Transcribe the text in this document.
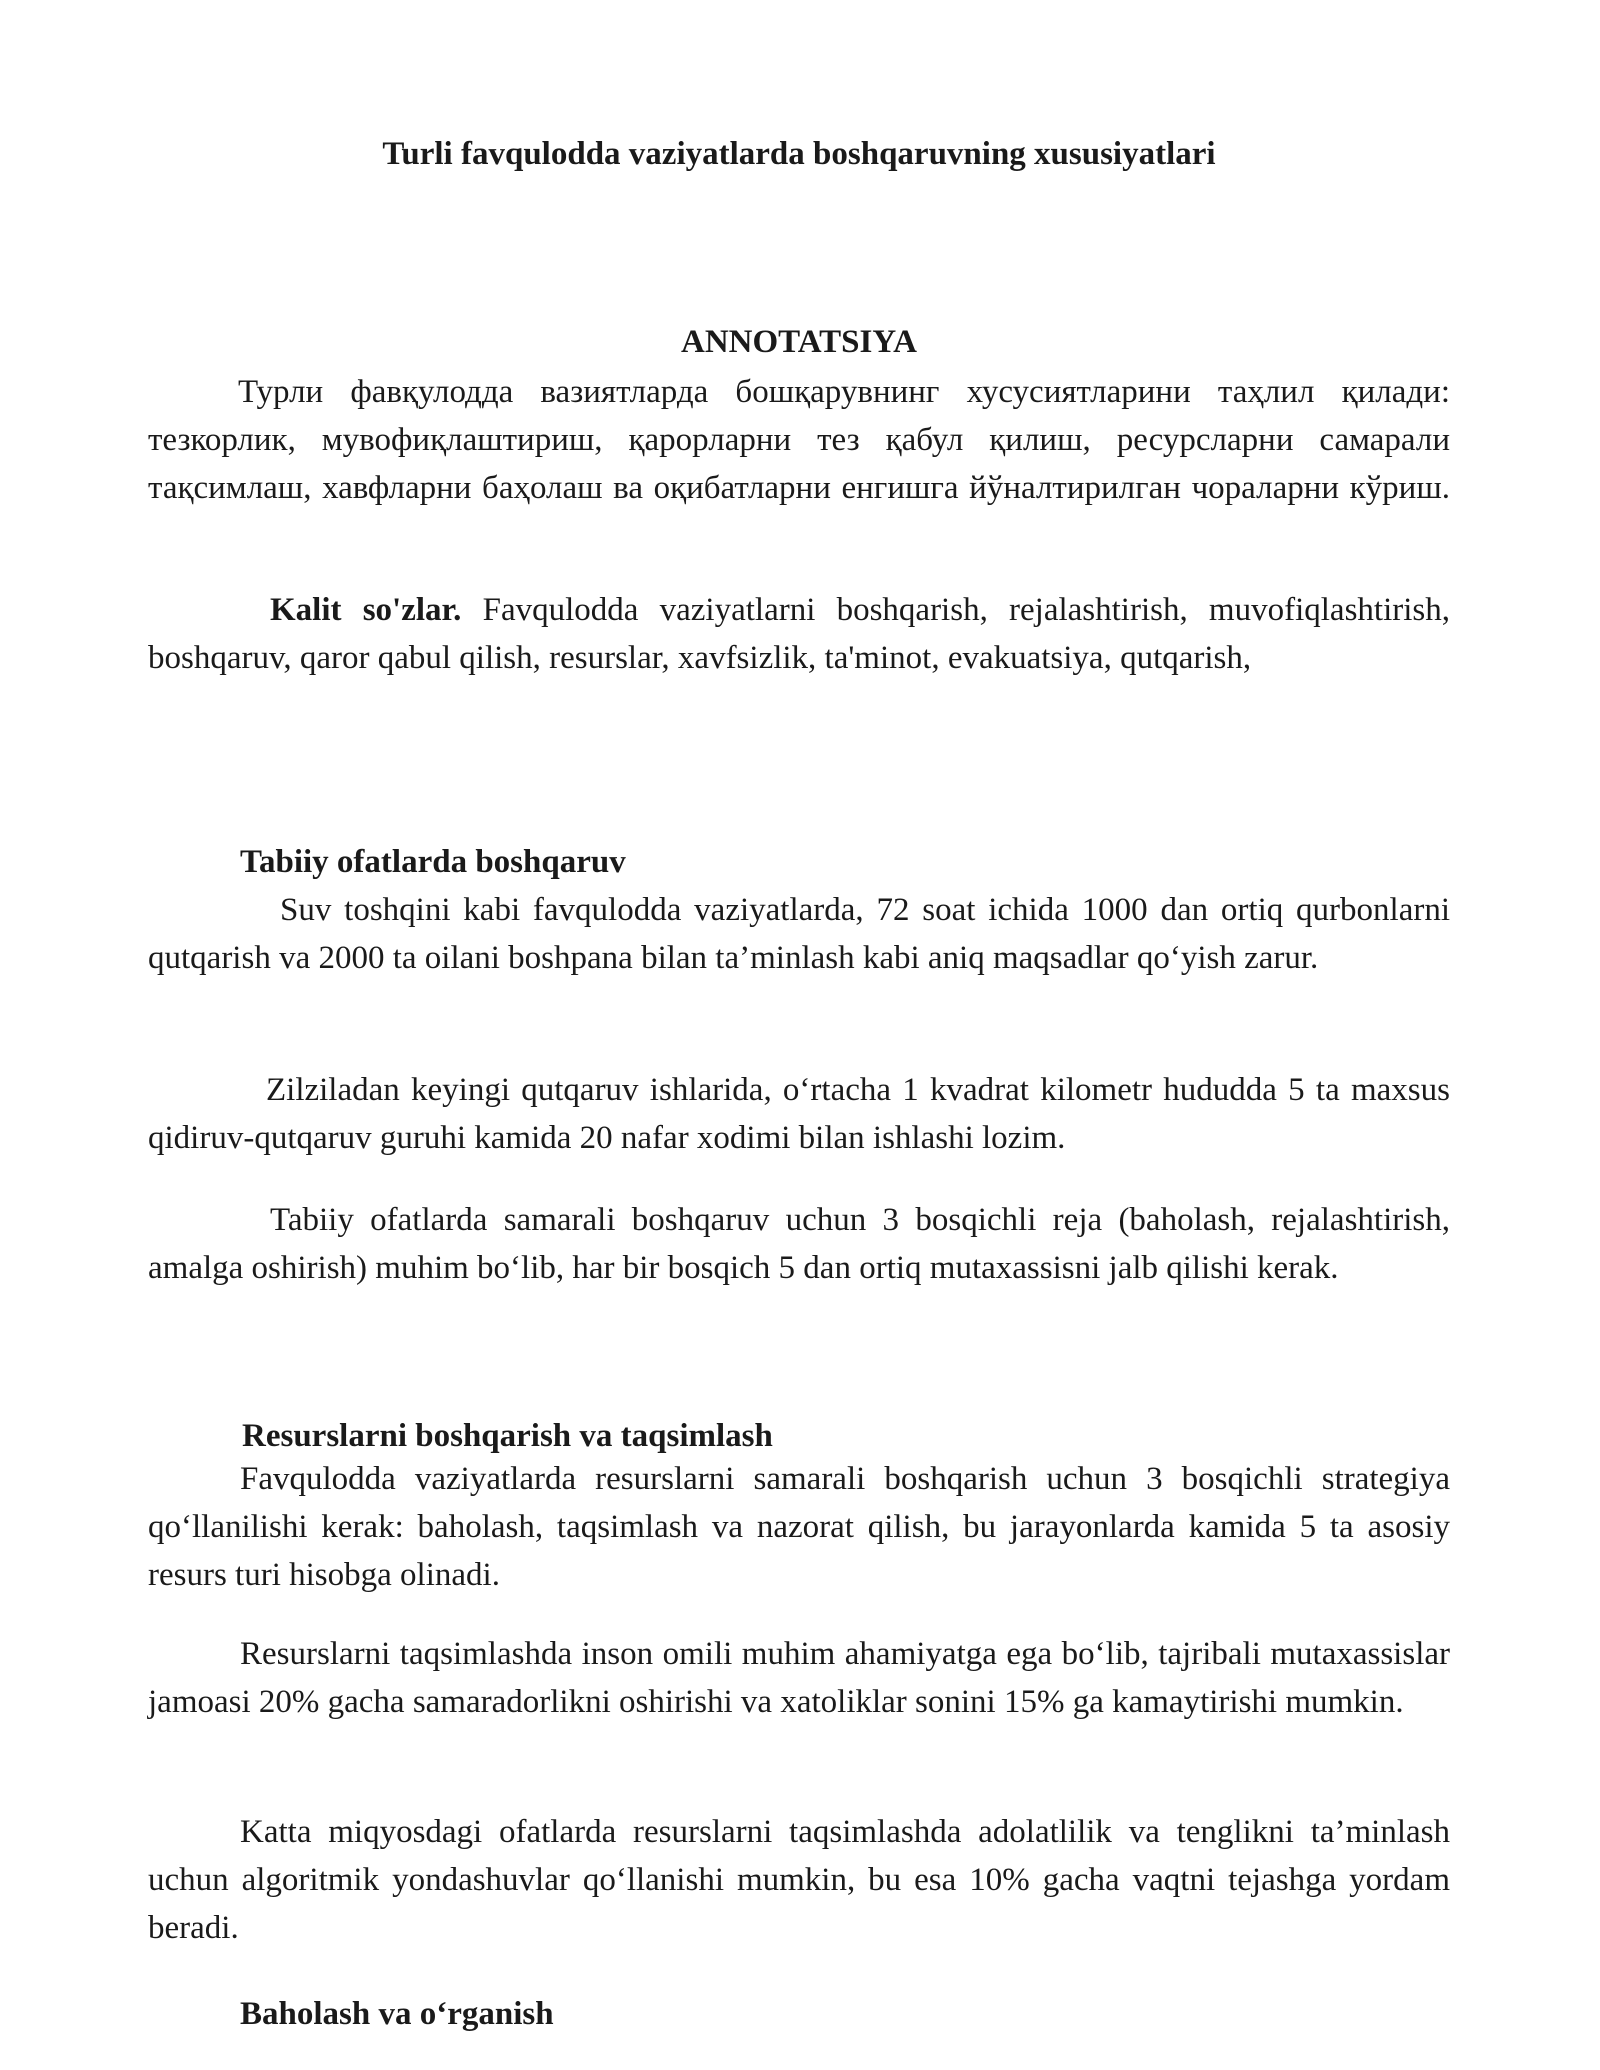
Turli favqulodda vaziyatlarda boshqaruvning xususiyatlari
ANNOTATSIYA

Турли фавқулодда вазиятларда бошқарувнинг хусусиятларини таҳлил қилади: тезкорлик, мувофиқлаштириш, қарорларни тез қабул қилиш, ресурсларни самарали тақсимлаш, хавфларни баҳолаш ва оқибатларни енгишга йўналтирилган чораларни кўриш.

Kalit so'zlar. Favqulodda vaziyatlarni boshqarish, rejalashtirish, muvofiqlashtirish, boshqaruv, qaror qabul qilish, resurslar, xavfsizlik, ta'minot, evakuatsiya, qutqarish,

Tabiiy ofatlarda boshqaruv

Suv toshqini kabi favqulodda vaziyatlarda, 72 soat ichida 1000 dan ortiq qurbonlarni qutqarish va 2000 ta oilani boshpana bilan ta’minlash kabi aniq maqsadlar qo‘yish zarur.

Zilziladan keyingi qutqaruv ishlarida, o‘rtacha 1 kvadrat kilometr hududda 5 ta maxsus qidiruv-qutqaruv guruhi kamida 20 nafar xodimi bilan ishlashi lozim.

Tabiiy ofatlarda samarali boshqaruv uchun 3 bosqichli reja (baholash, rejalashtirish, amalga oshirish) muhim bo‘lib, har bir bosqich 5 dan ortiq mutaxassisni jalb qilishi kerak.

Resurslarni boshqarish va taqsimlash

Favqulodda vaziyatlarda resurslarni samarali boshqarish uchun 3 bosqichli strategiya qo‘llanilishi kerak: baholash, taqsimlash va nazorat qilish, bu jarayonlarda kamida 5 ta asosiy resurs turi hisobga olinadi.

Resurslarni taqsimlashda inson omili muhim ahamiyatga ega bo‘lib, tajribali mutaxassislar jamoasi 20% gacha samaradorlikni oshirishi va xatoliklar sonini 15% ga kamaytirishi mumkin.

Katta miqyosdagi ofatlarda resurslarni taqsimlashda adolatlilik va tenglikni ta’minlash uchun algoritmik yondashuvlar qo‘llanishi mumkin, bu esa 10% gacha vaqtni tejashga yordam beradi.

Baholash va o‘rganish
